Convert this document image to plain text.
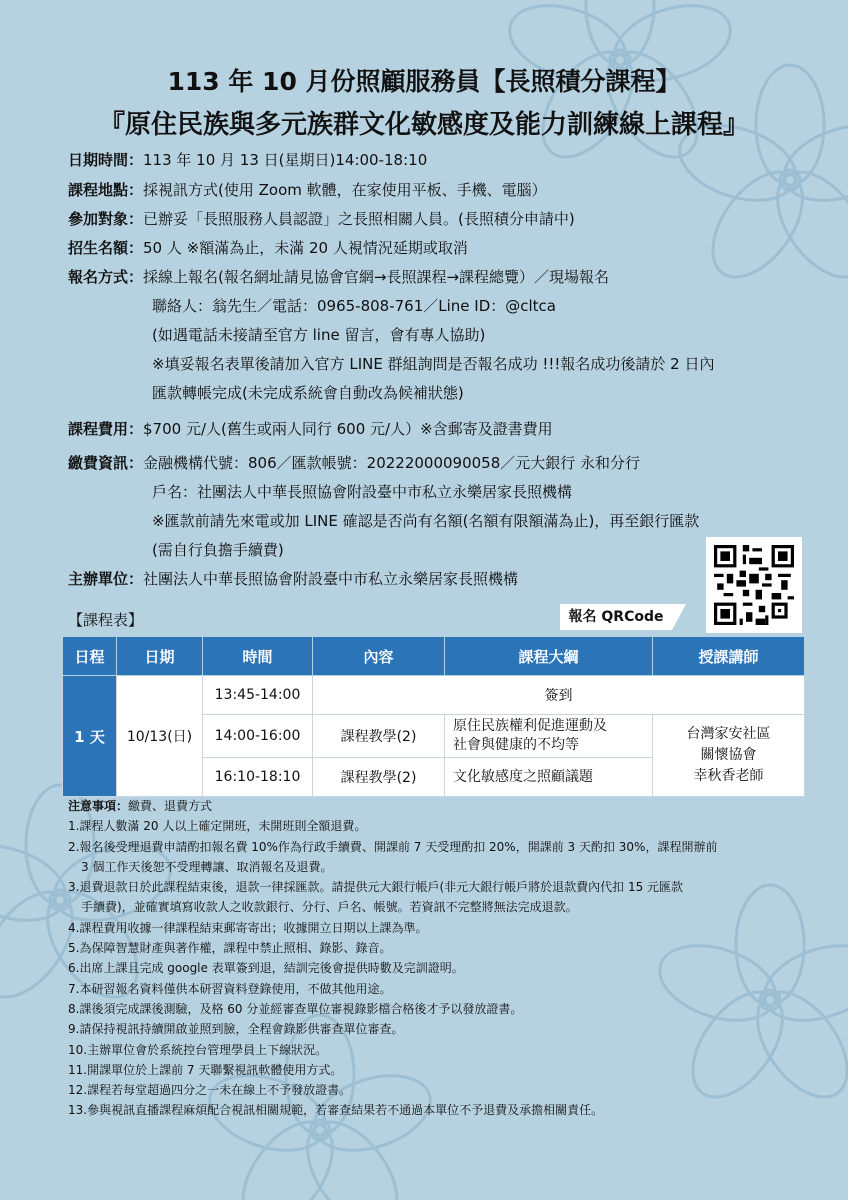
113 年 10 月份照顧服務員【長照積分課程】
『原住民族與多元族群文化敏感度及能力訓練線上課程』
日期時間：113 年 10 月 13 日(星期日)14:00-18:10
課程地點：採視訊方式(使用 Zoom 軟體，在家使用平板、手機、電腦）
參加對象：已辦妥「長照服務人員認證」之長照相關人員。(長照積分申請中)
招生名額：50 人 ※額滿為止，未滿 20 人視情況延期或取消
報名方式：採線上報名(報名網址請見協會官網→長照課程→課程總覽）／現場報名
聯絡人：翁先生／電話：0965-808-761／Line ID：@cltca
(如遇電話未接請至官方 line 留言，會有專人協助)
※填妥報名表單後請加入官方 LINE 群組詢問是否報名成功 !!!報名成功後請於 2 日內
匯款轉帳完成(未完成系統會自動改為候補狀態)
課程費用：$700 元/人(舊生或兩人同行 600 元/人）※含郵寄及證書費用
繳費資訊：金融機構代號：806／匯款帳號：20222000090058／元大銀行 永和分行
戶名：社團法人中華長照協會附設臺中市私立永樂居家長照機構
※匯款前請先來電或加 LINE 確認是否尚有名額(名額有限額滿為止)，再至銀行匯款
(需自行負擔手續費)
主辦單位：社團法人中華長照協會附設臺中市私立永樂居家長照機構
報名 QRCode
【課程表】
日程	日期	時間	內容	課程大綱	授課講師
1 天	10/13(日)	13:45-14:00	簽到		
		14:00-16:00	課程教學(2)	原住民族權利促進運動及
社會與健康的不均等	台灣家安社區
關懷協會
幸秋香老師
		16:10-18:10	課程教學(2)	文化敏感度之照顧議題	
注意事項：繳費、退費方式
1.課程人數滿 20 人以上確定開班，未開班則全額退費。
2.報名後受理退費申請酌扣報名費 10%作為行政手續費、開課前 7 天受理酌扣 20%，開課前 3 天酌扣 30%，課程開辦前
3 個工作天後恕不受理轉讓、取消報名及退費。
3.退費退款日於此課程結束後，退款一律採匯款。請提供元大銀行帳戶(非元大銀行帳戶將於退款費內代扣 15 元匯款
手續費)，並確實填寫收款人之收款銀行、分行、戶名、帳號。若資訊不完整將無法完成退款。
4.課程費用收據一律課程結束郵寄寄出；收據開立日期以上課為準。
5.為保障智慧財產與著作權，課程中禁止照相、錄影、錄音。
6.出席上課且完成 google 表單簽到退，結訓完後會提供時數及完訓證明。
7.本研習報名資料僅供本研習資料登錄使用，不做其他用途。
8.課後須完成課後測驗，及格 60 分並經審查單位審視錄影檔合格後才予以發放證書。
9.請保持視訊持續開啟並照到臉，全程會錄影供審查單位審查。
10.主辦單位會於系統控台管理學員上下線狀況。
11.開課單位於上課前 7 天聯繫視訊軟體使用方式。
12.課程若每堂超過四分之一未在線上不予發放證書。
13.參與視訊直播課程麻煩配合視訊相關規範，若審查結果若不通過本單位不予退費及承擔相關責任。
